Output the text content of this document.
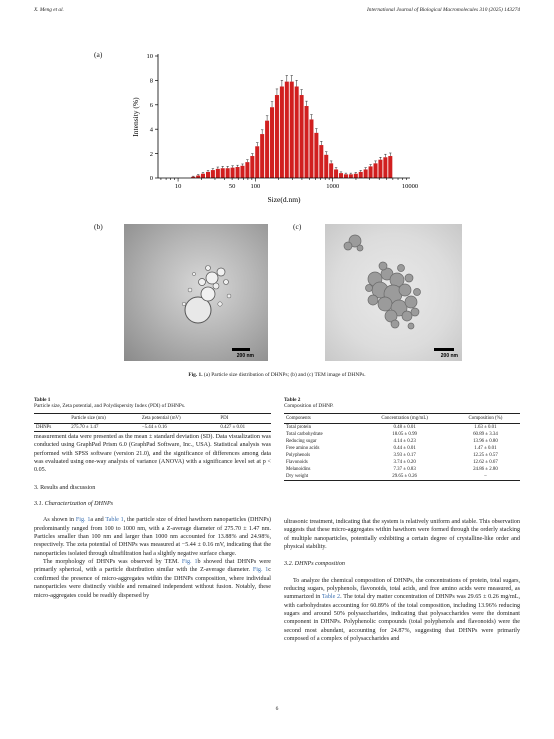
X. Meng et al.	International Journal of Biological Macromolecules 310 (2025) 143274
(a)
0
2
4
6
8
10
10	50 100	1000	10000
Size(d.nm)
Intensity (%)
(b)	(c)
200 nm	200 nm
Fig. 1. (a) Particle size distribution of DHNPs; (b) and (c) TEM image of DHNPs.
Table 1
Particle size, Zeta potential, and Polydispersity Index (PDI) of DHNPs.
	Particle size (nm)	Zeta potential (mV)	PDI
DHNPs	275.70 ± 1.47	−5.44 ± 0.16	0.427 ± 0.01
Table 2
Composition of DHNP.
Components	Concentration (mg/mL)	Composition (%)
Total protein	0.48 ± 0.01	1.63 ± 0.01
Total carbohydrate	18.05 ± 0.99	60.89 ± 3.34
Reducing sugar	4.14 ± 0.23	13.96 ± 0.80
Free amino acids	0.44 ± 0.01	1.47 ± 0.01
Polyphenols	3.93 ± 0.17	12.25 ± 0.57
Flavonoids	3.74 ± 0.20	12.62 ± 0.67
Melanoidins	7.37 ± 0.83	24.86 ± 2.80
Dry weight	29.65 ± 0.26	–

measurement data were presented as the mean ± standard deviation (SD). Data visualization was conducted using GraphPad Prism 6.0 (GraphPad Software, Inc., USA). Statistical analysis was performed with SPSS software (version 21.0), and the significance of differences among data was evaluated using one-way analysis of variance (ANOVA) with a significance level set at p < 0.05.

3. Results and discussion

3.1. Characterization of DHNPs

As shown in Fig. 1a and Table 1, the particle size of dried hawthorn nanoparticles (DHNPs) predominantly ranged from 100 to 1000 nm, with a Z-average diameter of 275.70 ± 1.47 nm. Particles smaller than 100 nm and larger than 1000 nm accounted for 13.88% and 24.98%, respectively. The zeta potential of DHNPs was measured at −5.44 ± 0.16 mV, indicating that the nanoparticles isolated through ultrafiltration had a slightly negative surface charge.

The morphology of DHNPs was observed by TEM. Fig. 1b showed that DHNPs were primarily spherical, with a particle distribution similar with the Z-average diameter. Fig. 1c confirmed the presence of micro-aggregates within the DHNPs composition, where individual nanoparticles were distinctly visible and remained independent without fusion. Notably, these micro-aggregates could be readily dispersed by

ultrasonic treatment, indicating that the system is relatively uniform and stable. This observation suggests that these micro-aggregates within hawthorn were formed through the orderly stacking of multiple nanoparticles, potentially exhibiting a certain degree of crystalline-like order and physical stability.

3.2. DHNPs composition

To analyze the chemical composition of DHNPs, the concentrations of protein, total sugars, reducing sugars, polyphenols, flavonoids, total acids, and free amino acids were measured, as summarized in Table 2. The total dry matter concentration of DHNPs was 29.65 ± 0.26 mg/mL, with carbohydrates accounting for 60.89% of the total composition, including 13.96% reducing sugars and around 50% polysaccharides, indicating that polysaccharides were the dominant component in DHNPs. Polyphenolic compounds (total polyphenols and flavonoids) were the second most abundant, accounting for 24.87%, suggesting that DHNPs were primarily composed of a complex of polysaccharides and

6
